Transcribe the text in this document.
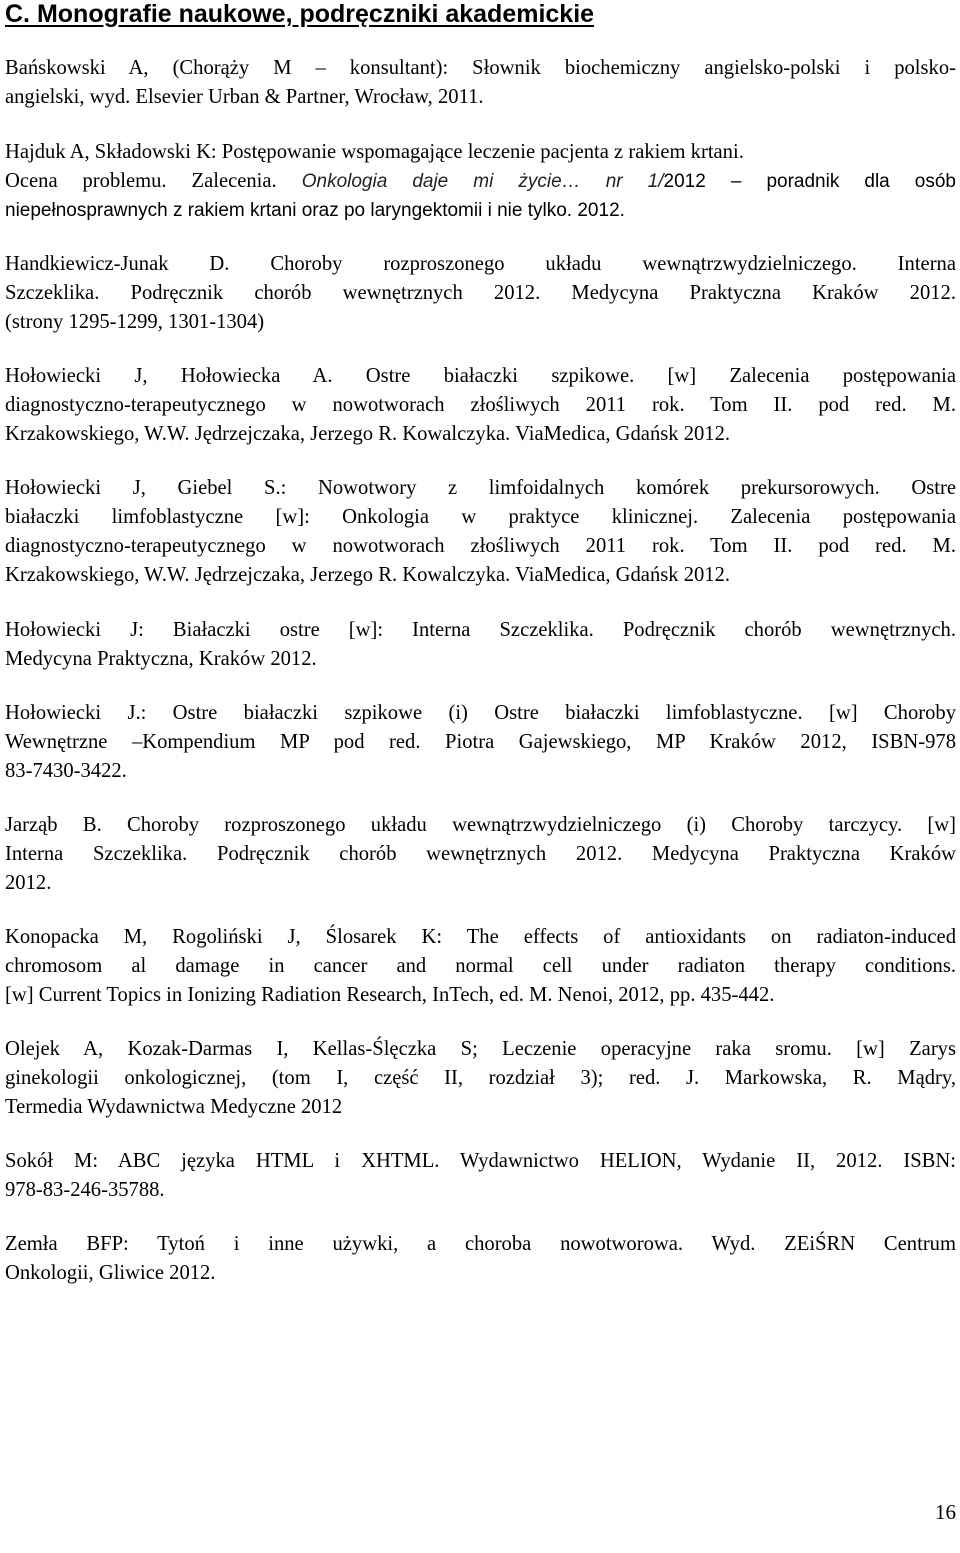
C. Monografie naukowe, podręczniki akademickie

Bańskowski A, (Chorąży M – konsultant): Słownik biochemiczny angielsko-polski i polsko-
angielski, wyd. Elsevier Urban & Partner, Wrocław, 2011.

Hajduk A, Składowski K: Postępowanie wspomagające leczenie pacjenta z rakiem krtani.
Ocena problemu. Zalecenia. Onkologia daje mi życie… nr 1/2012 – poradnik dla osób
niepełnosprawnych z rakiem krtani oraz po laryngektomii i nie tylko. 2012.

Handkiewicz-Junak D. Choroby rozproszonego układu wewnątrzwydzielniczego. Interna
Szczeklika. Podręcznik chorób wewnętrznych 2012. Medycyna Praktyczna Kraków 2012.
(strony 1295-1299, 1301-1304)

Hołowiecki J, Hołowiecka A. Ostre białaczki szpikowe. [w] Zalecenia postępowania
diagnostyczno-terapeutycznego w nowotworach złośliwych 2011 rok. Tom II. pod red. M.
Krzakowskiego, W.W. Jędrzejczaka, Jerzego R. Kowalczyka. ViaMedica, Gdańsk 2012.

Hołowiecki J, Giebel S.: Nowotwory z limfoidalnych komórek prekursorowych. Ostre
białaczki limfoblastyczne [w]: Onkologia w praktyce klinicznej. Zalecenia postępowania
diagnostyczno-terapeutycznego w nowotworach złośliwych 2011 rok. Tom II. pod red. M.
Krzakowskiego, W.W. Jędrzejczaka, Jerzego R. Kowalczyka. ViaMedica, Gdańsk 2012.

Hołowiecki J: Białaczki ostre [w]: Interna Szczeklika. Podręcznik chorób wewnętrznych.
Medycyna Praktyczna, Kraków 2012.

Hołowiecki J.: Ostre białaczki szpikowe (i) Ostre białaczki limfoblastyczne. [w] Choroby
Wewnętrzne –Kompendium MP pod red. Piotra Gajewskiego, MP Kraków 2012, ISBN-978
83-7430-3422.

Jarząb B. Choroby rozproszonego układu wewnątrzwydzielniczego (i) Choroby tarczycy. [w]
Interna Szczeklika. Podręcznik chorób wewnętrznych 2012. Medycyna Praktyczna Kraków
2012.

Konopacka M, Rogoliński J, Ślosarek K: The effects of antioxidants on radiaton-induced
chromosom al damage in cancer and normal cell under radiaton therapy conditions.
[w] Current Topics in Ionizing Radiation Research, InTech, ed. M. Nenoi, 2012, pp. 435-442.

Olejek A, Kozak-Darmas I, Kellas-Ślęczka S; Leczenie operacyjne raka sromu. [w] Zarys
ginekologii onkologicznej, (tom I, część II, rozdział 3); red. J. Markowska, R. Mądry,
Termedia Wydawnictwa Medyczne 2012

Sokół M: ABC języka HTML i XHTML. Wydawnictwo HELION, Wydanie II, 2012. ISBN:
978-83-246-35788.

Zemła BFP: Tytoń i inne używki, a choroba nowotworowa. Wyd. ZEiŚRN Centrum
Onkologii, Gliwice 2012.

16
